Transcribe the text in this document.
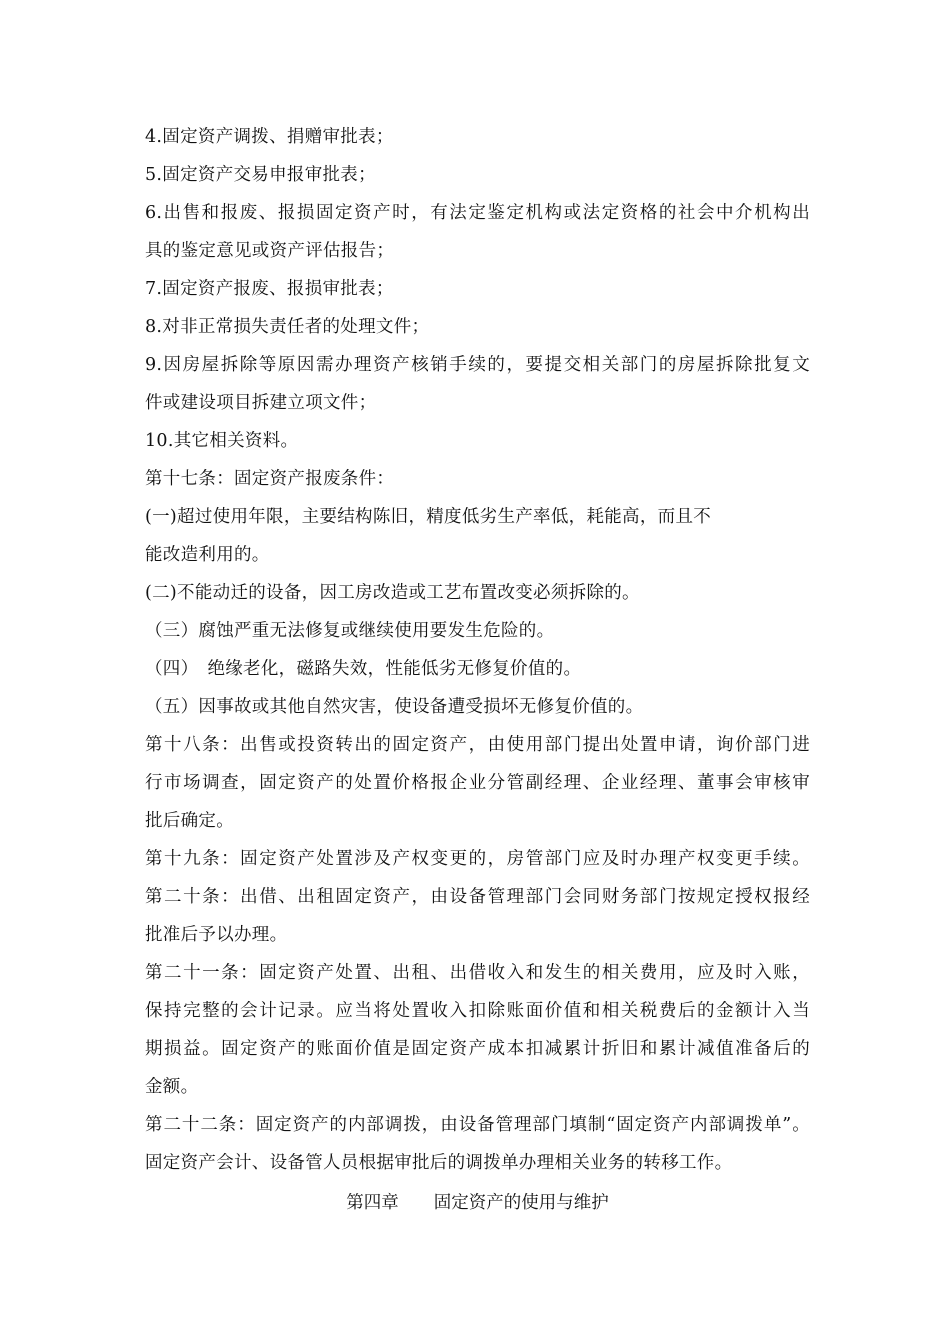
4.固定资产调拨、捐赠审批表；
5.固定资产交易申报审批表；
6.出售和报废、报损固定资产时，有法定鉴定机构或法定资格的社会中介机构出
具的鉴定意见或资产评估报告；
7.固定资产报废、报损审批表；
8.对非正常损失责任者的处理文件；
9.因房屋拆除等原因需办理资产核销手续的，要提交相关部门的房屋拆除批复文
件或建设项目拆建立项文件；
10.其它相关资料。
第十七条：固定资产报废条件：
(一)超过使用年限，主要结构陈旧，精度低劣生产率低，耗能高，而且不
能改造利用的。
(二)不能动迁的设备，因工房改造或工艺布置改变必须拆除的。
（三）腐蚀严重无法修复或继续使用要发生危险的。
（四）　绝缘老化，磁路失效，性能低劣无修复价值的。
（五）因事故或其他自然灾害，使设备遭受损坏无修复价值的。
第十八条：出售或投资转出的固定资产，由使用部门提出处置申请，询价部门进
行市场调查，固定资产的处置价格报企业分管副经理、企业经理、董事会审核审
批后确定。
第十九条：固定资产处置涉及产权变更的，房管部门应及时办理产权变更手续。
第二十条：出借、出租固定资产，由设备管理部门会同财务部门按规定授权报经
批准后予以办理。
第二十一条：固定资产处置、出租、出借收入和发生的相关费用，应及时入账，
保持完整的会计记录。应当将处置收入扣除账面价值和相关税费后的金额计入当
期损益。固定资产的账面价值是固定资产成本扣减累计折旧和累计减值准备后的
金额。
第二十二条：固定资产的内部调拨，由设备管理部门填制“固定资产内部调拨单”。
固定资产会计、设备管人员根据审批后的调拨单办理相关业务的转移工作。
第四章　　固定资产的使用与维护
